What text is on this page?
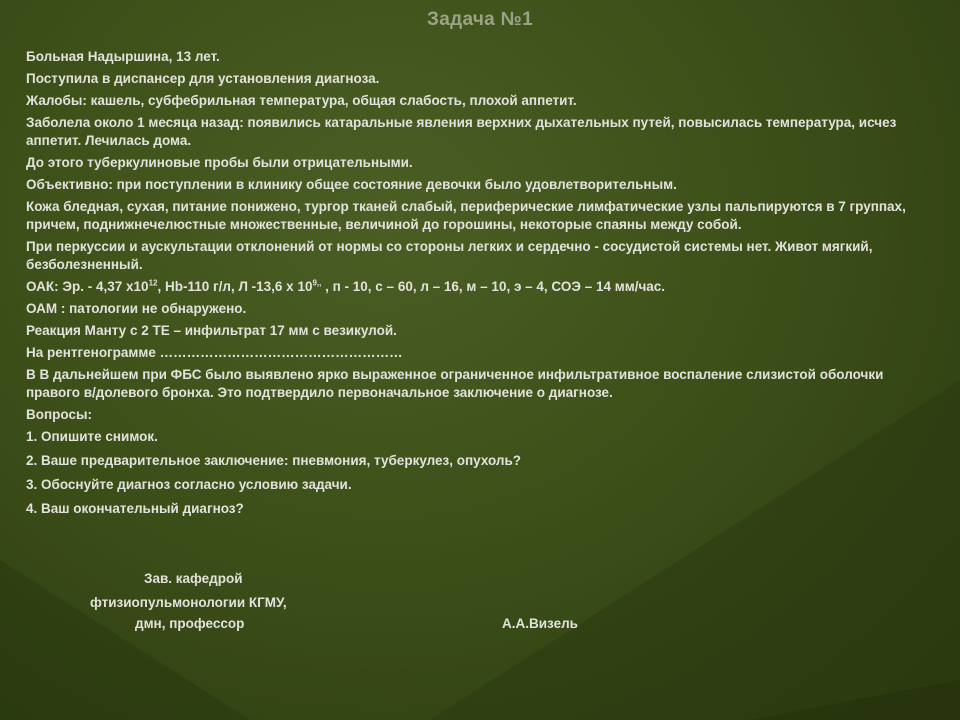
Задача №1

Больная Надыршина, 13 лет.

Поступила в диспансер для установления диагноза.

Жалобы: кашель, субфебрильная температура, общая слабость, плохой аппетит.

Заболела около 1 месяца назад: появились катаральные явления верхних дыхательных путей, повысилась температура, исчез аппетит. Лечилась дома.

До этого туберкулиновые пробы были отрицательными.

Объективно: при поступлении в клинику общее состояние девочки было удовлетворительным.

Кожа бледная, сухая, питание понижено, тургор тканей слабый, периферические лимфатические узлы пальпируются в 7 группах, причем, поднижнечелюстные множественные, величиной до горошины, некоторые спаяны между собой.

При перкуссии и аускультации отклонений от нормы со стороны легких и сердечно - сосудистой системы нет. Живот мягкий, безболезненный.

ОАК: Эр. - 4,37 $х10^{12}$, Hb-110 г/л, Л -13,6 х $10^{9,,}$ , п - 10, с – 60, л – 16, м – 10, э – 4, СОЭ – 14 мм/час.

ОАМ : патологии не обнаружено.

Реакция Манту с 2 ТЕ – инфильтрат 17 мм с везикулой.

На рентгенограмме ………………………………………………

В В дальнейшем при ФБС было выявлено ярко выраженное ограниченное инфильтративное воспаление слизистой оболочки правого в/долевого бронха. Это подтвердило первоначальное заключение о диагнозе.

Вопросы:

1. Опишите снимок.

2. Ваше предварительное заключение: пневмония, туберкулез, опухоль?

3. Обоснуйте диагноз согласно условию задачи.

4. Ваш окончательный диагноз?

Зав. кафедрой
фтизиопульмонологии КГМУ,
дмн, профессор	А.А.Визель
